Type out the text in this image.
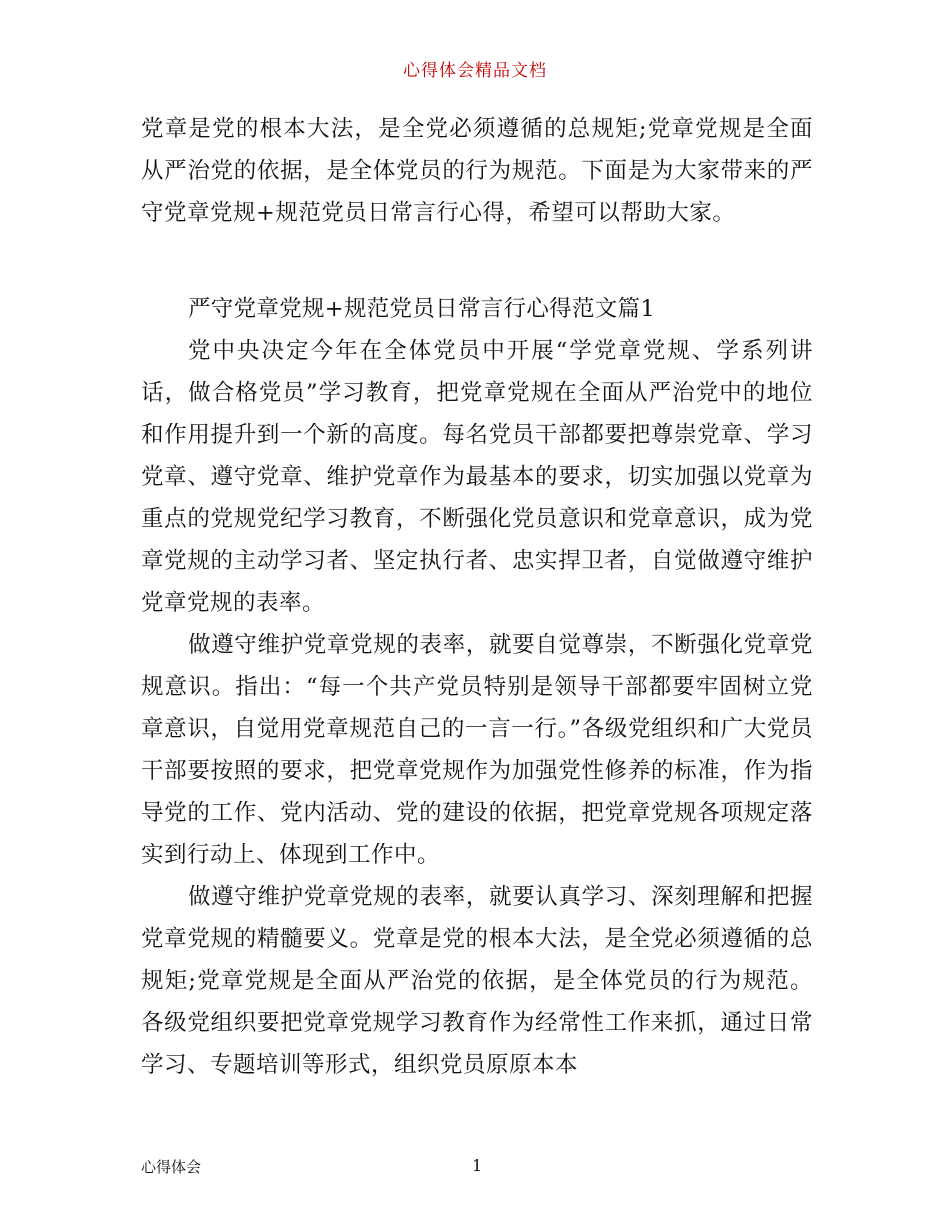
心得体会精品文档

党章是党的根本大法，是全党必须遵循的总规矩;党章党规是全面从严治党的依据，是全体党员的行为规范。下面是为大家带来的严守党章党规+规范党员日常言行心得，希望可以帮助大家。

严守党章党规+规范党员日常言行心得范文篇1

党中央决定今年在全体党员中开展“学党章党规、学系列讲话，做合格党员”学习教育，把党章党规在全面从严治党中的地位和作用提升到一个新的高度。每名党员干部都要把尊崇党章、学习党章、遵守党章、维护党章作为最基本的要求，切实加强以党章为重点的党规党纪学习教育，不断强化党员意识和党章意识，成为党章党规的主动学习者、坚定执行者、忠实捍卫者，自觉做遵守维护党章党规的表率。

做遵守维护党章党规的表率，就要自觉尊崇，不断强化党章党规意识。指出：“每一个共产党员特别是领导干部都要牢固树立党章意识，自觉用党章规范自己的一言一行。”各级党组织和广大党员干部要按照的要求，把党章党规作为加强党性修养的标准，作为指导党的工作、党内活动、党的建设的依据，把党章党规各项规定落实到行动上、体现到工作中。

做遵守维护党章党规的表率，就要认真学习、深刻理解和把握党章党规的精髓要义。党章是党的根本大法，是全党必须遵循的总规矩;党章党规是全面从严治党的依据，是全体党员的行为规范。各级党组织要把党章党规学习教育作为经常性工作来抓，通过日常学习、专题培训等形式，组织党员原原本本

心得体会	1
